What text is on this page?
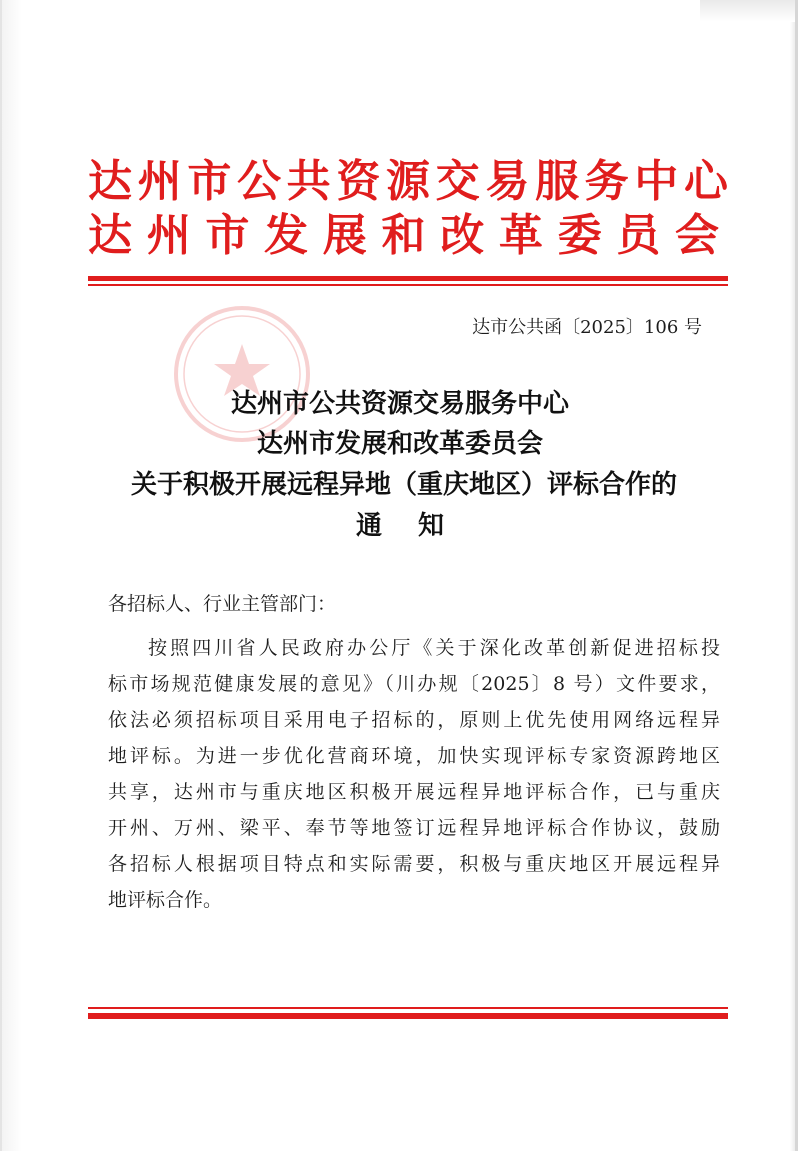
达州市公共资源交易服务中心
达州市发展和改革委员会
达市公共函〔2025〕106 号
达州市公共资源交易服务中心
达州市发展和改革委员会
关于积极开展远程异地（重庆地区）评标合作的
通 知
各招标人、行业主管部门：
按照四川省人民政府办公厅《关于深化改革创新促进招标投
标市场规范健康发展的意见》（川办规〔2025〕8 号）文件要求，
依法必须招标项目采用电子招标的，原则上优先使用网络远程异
地评标。为进一步优化营商环境，加快实现评标专家资源跨地区
共享，达州市与重庆地区积极开展远程异地评标合作，已与重庆
开州、万州、梁平、奉节等地签订远程异地评标合作协议，鼓励
各招标人根据项目特点和实际需要，积极与重庆地区开展远程异
地评标合作。
